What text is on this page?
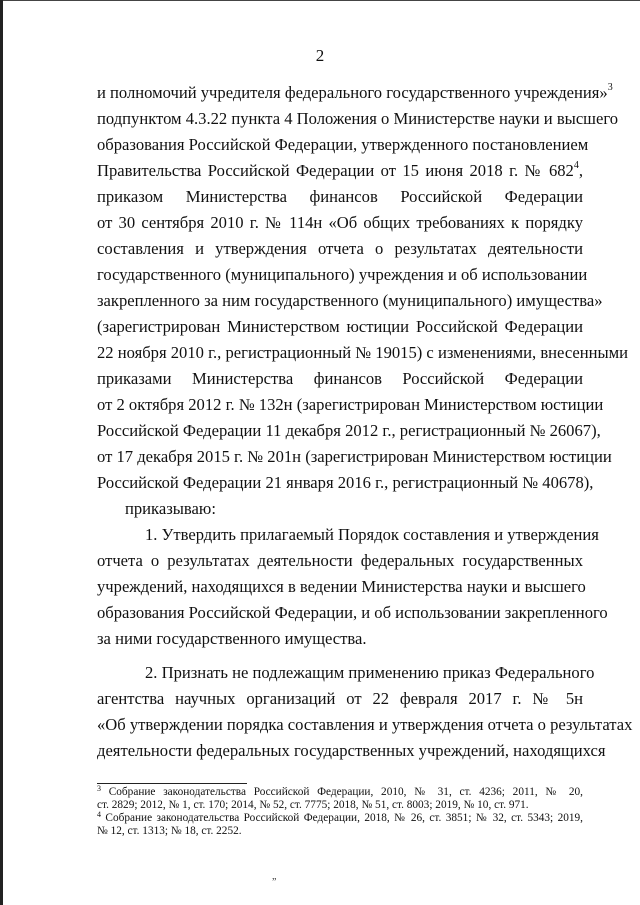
2
и полномочий учредителя федерального государственного учреждения»$^3$
подпунктом 4.3.22 пункта 4 Положения о Министерстве науки и высшего
образования Российской Федерации, утвержденного постановлением
Правительства Российской Федерации от 15 июня 2018 г. № $682^4$,
приказом Министерства финансов Российской Федерации
от 30 сентября 2010 г. № 114н «Об общих требованиях к порядку
составления и утверждения отчета о результатах деятельности
государственного (муниципального) учреждения и об использовании
закрепленного за ним государственного (муниципального) имущества»
(зарегистрирован Министерством юстиции Российской Федерации
22 ноября 2010 г., регистрационный № 19015) с изменениями, внесенными
приказами Министерства финансов Российской Федерации
от 2 октября 2012 г. № 132н (зарегистрирован Министерством юстиции
Российской Федерации 11 декабря 2012 г., регистрационный № 26067),
от 17 декабря 2015 г. № 201н (зарегистрирован Министерством юстиции
Российской Федерации 21 января 2016 г., регистрационный № 40678),
приказываю:
1. Утвердить прилагаемый Порядок составления и утверждения
отчета о результатах деятельности федеральных государственных
учреждений, находящихся в ведении Министерства науки и высшего
образования Российской Федерации, и об использовании закрепленного
за ними государственного имущества.
2. Признать не подлежащим применению приказ Федерального
агентства научных организаций от 22 февраля 2017 г. № 5н
«Об утверждении порядка составления и утверждения отчета о результатах
деятельности федеральных государственных учреждений, находящихся
$^3$ Собрание законодательства Российской Федерации, 2010, № 31, ст. 4236; 2011, № 20,
ст. 2829; 2012, № 1, ст. 170; 2014, № 52, ст. 7775; 2018, № 51, ст. 8003; 2019, № 10, ст. 971.
$^4$ Собрание законодательства Российской Федерации, 2018, № 26, ст. 3851; № 32, ст. 5343; 2019,
№ 12, ст. 1313; № 18, ст. 2252.
„
